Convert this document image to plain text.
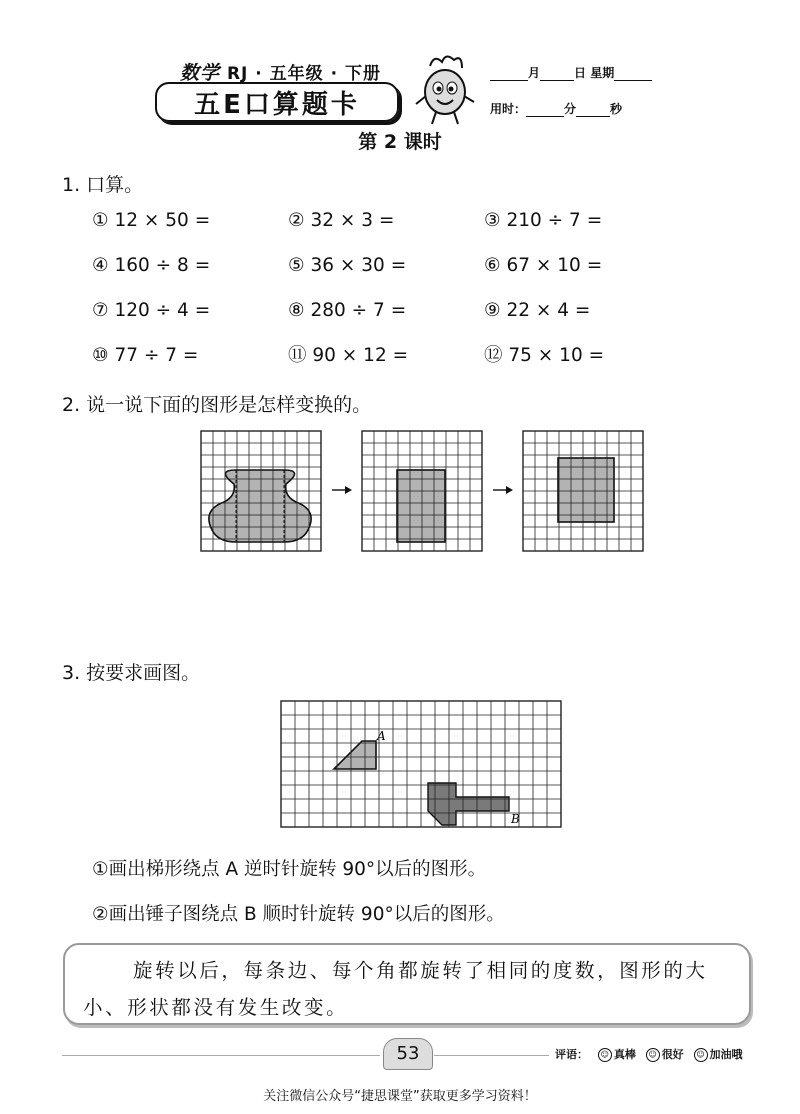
数学 RJ · 五年级 · 下册
五E口算题卡
月	日 星期
用时：	分	秒
第 2 课时
1. 口算。
① 12 × 50 =	② 32 × 3 =	③ 210 ÷ 7 =
④ 160 ÷ 8 =	⑤ 36 × 30 =	⑥ 67 × 10 =
⑦ 120 ÷ 4 =	⑧ 280 ÷ 7 =	⑨ 22 × 4 =
⑩ 77 ÷ 7 =	⑪ 90 × 12 =	⑫ 75 × 10 =
2. 说一说下面的图形是怎样变换的。
3. 按要求画图。
A
B
①画出梯形绕点 A 逆时针旋转 90°以后的图形。
②画出锤子图绕点 B 顺时针旋转 90°以后的图形。
旋转以后，每条边、每个角都旋转了相同的度数，图形的大
小、形状都没有发生改变。
53	评语： ☺ 真棒 ☺ 很好 ☺ 加油哦
关注微信公众号“捷思课堂”获取更多学习资料！
